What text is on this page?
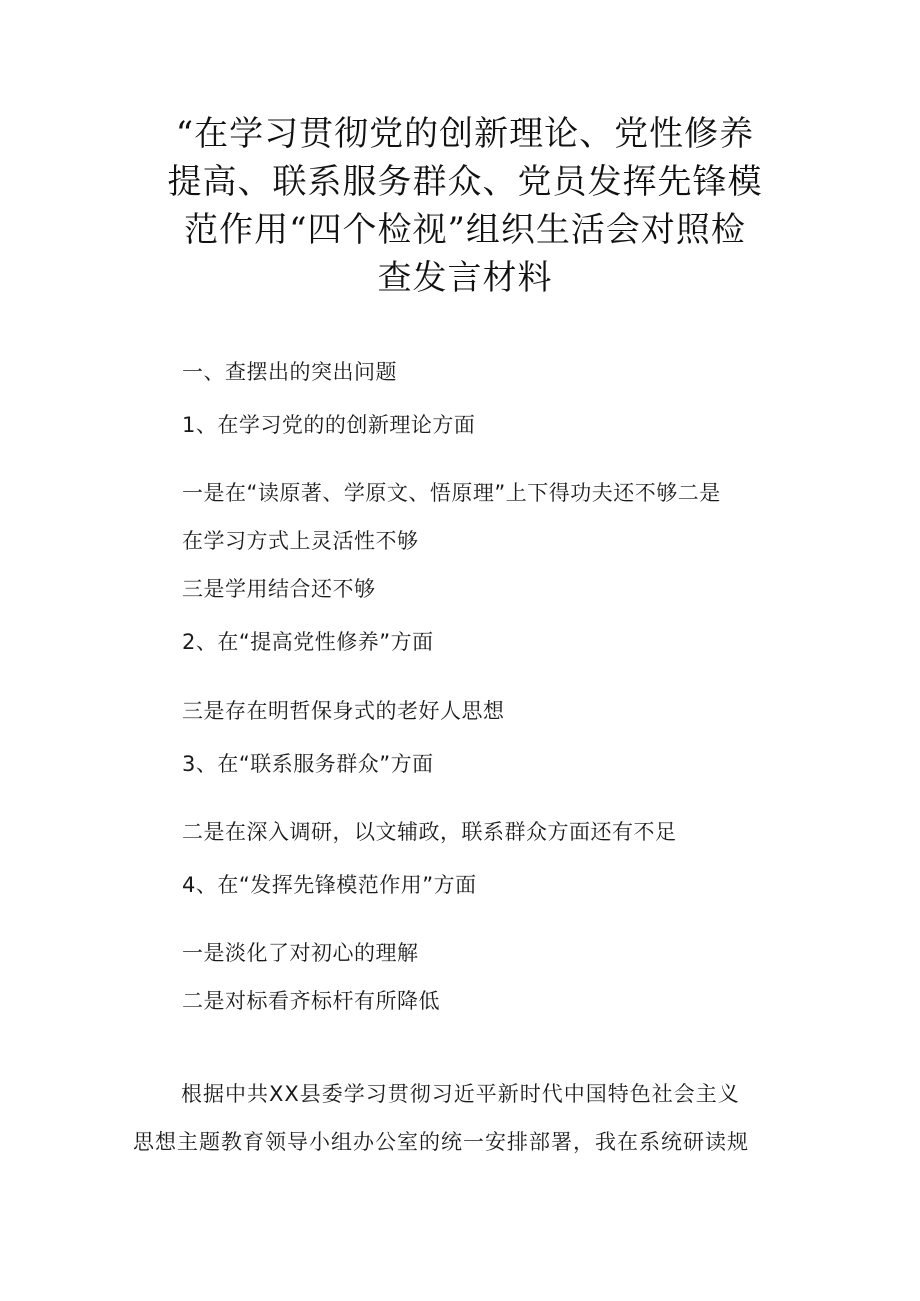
“在学习贯彻党的创新理论、党性修养
提高、联系服务群众、党员发挥先锋模
范作用“四个检视”组织生活会对照检
查发言材料
一、查摆出的突出问题
1、在学习党的的创新理论方面
一是在“读原著、学原文、悟原理”上下得功夫还不够二是
在学习方式上灵活性不够
三是学用结合还不够
2、在“提高党性修养”方面
三是存在明哲保身式的老好人思想
3、在“联系服务群众”方面
二是在深入调研，以文辅政，联系群众方面还有不足
4、在“发挥先锋模范作用”方面
一是淡化了对初心的理解
二是对标看齐标杆有所降低
根据中共XX县委学习贯彻习近平新时代中国特色社会主义
思想主题教育领导小组办公室的统一安排部署，我在系统研读规
